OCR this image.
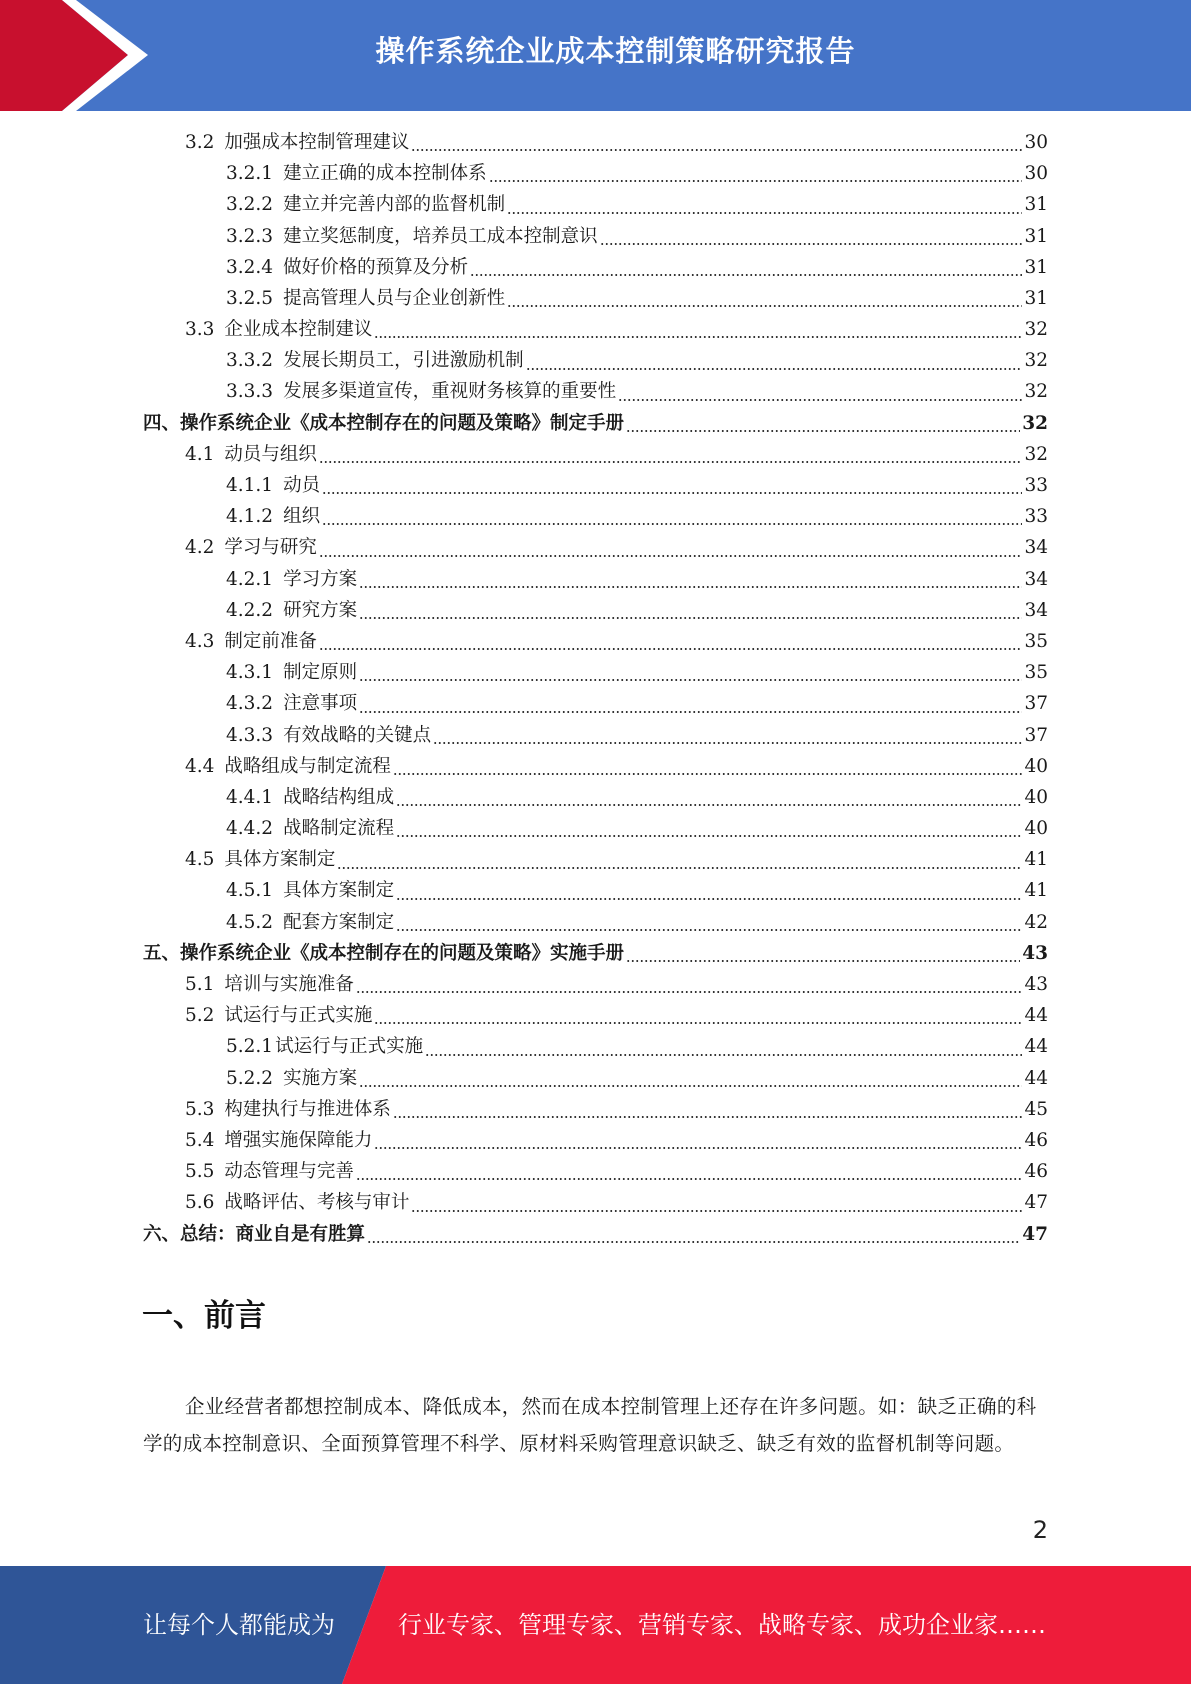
操作系统企业成本控制策略研究报告
3.2 加强成本控制管理建议	30
3.2.1 建立正确的成本控制体系	30
3.2.2 建立并完善内部的监督机制	31
3.2.3 建立奖惩制度，培养员工成本控制意识	31
3.2.4 做好价格的预算及分析	31
3.2.5 提高管理人员与企业创新性	31
3.3 企业成本控制建议	32
3.3.2 发展长期员工，引进激励机制	32
3.3.3 发展多渠道宣传，重视财务核算的重要性	32
四、操作系统企业《成本控制存在的问题及策略》制定手册	32
4.1 动员与组织	32
4.1.1 动员	33
4.1.2 组织	33
4.2 学习与研究	34
4.2.1 学习方案	34
4.2.2 研究方案	34
4.3 制定前准备	35
4.3.1 制定原则	35
4.3.2 注意事项	37
4.3.3 有效战略的关键点	37
4.4 战略组成与制定流程	40
4.4.1 战略结构组成	40
4.4.2 战略制定流程	40
4.5 具体方案制定	41
4.5.1 具体方案制定	41
4.5.2 配套方案制定	42
五、操作系统企业《成本控制存在的问题及策略》实施手册	43
5.1 培训与实施准备	43
5.2 试运行与正式实施	44
5.2.1 试运行与正式实施	44
5.2.2 实施方案	44
5.3 构建执行与推进体系	45
5.4 增强实施保障能力	46
5.5 动态管理与完善	46
5.6 战略评估、考核与审计	47
六、总结：商业自是有胜算	47
一、前言
企业经营者都想控制成本、降低成本，然而在成本控制管理上还存在许多问题。如：缺乏正确的科学的成本控制意识、全面预算管理不科学、原材料采购管理意识缺乏、缺乏有效的监督机制等问题。
2
让每个人都能成为	行业专家、管理专家、营销专家、战略专家、成功企业家……
